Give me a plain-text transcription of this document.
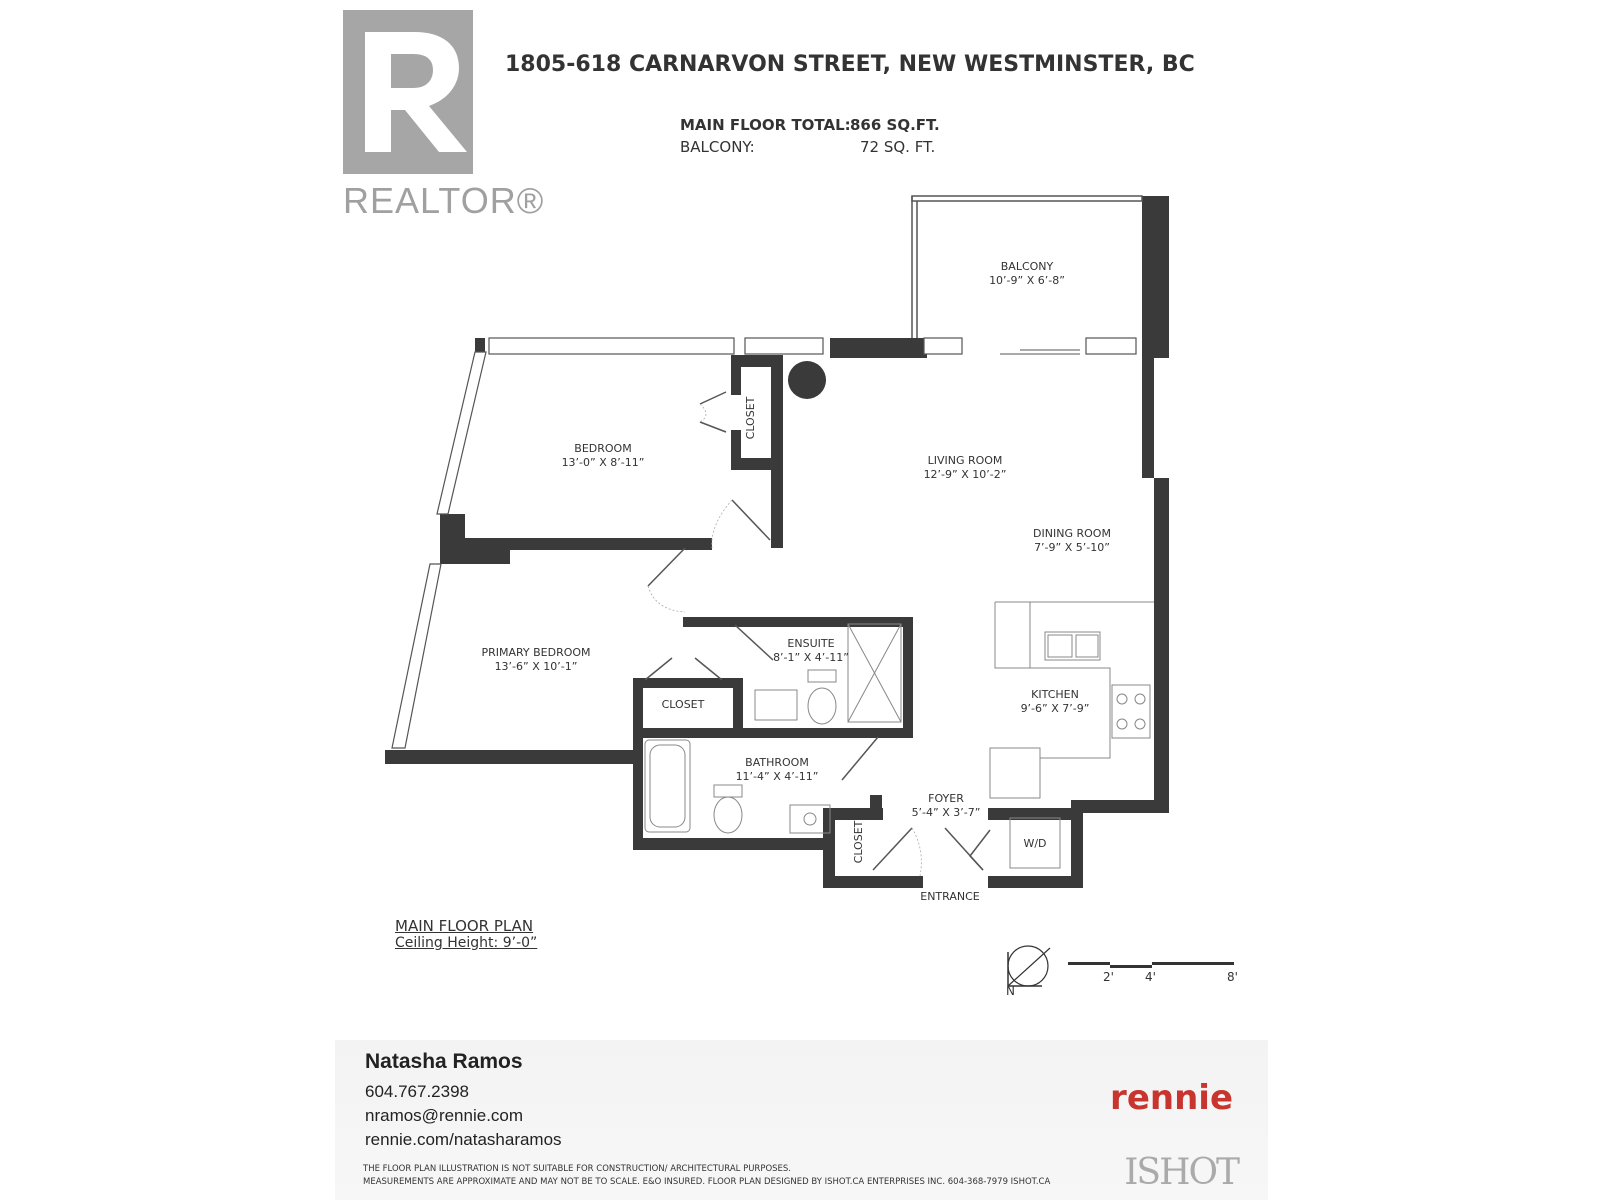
REALTOR®
1805-618 CARNARVON STREET, NEW WESTMINSTER, BC
MAIN FLOOR TOTAL: 866 SQ.FT.
BALCONY:	72 SQ. FT.
BALCONY
10’-9” X 6’-8”
BEDROOM
13’-0” X 8’-11”	LIVING ROOM
12’-9” X 10’-2”
DINING ROOM
7’-9” X 5’-10”
PRIMARY BEDROOM
13’-6” X 10’-1”
ENSUITE
8’-1” X 4’-11”
KITCHEN
9’-6” X 7’-9”
BATHROOM
11’-4” X 4’-11”
FOYER
5’-4” X 3’-7”
CLOSET
W/D
ENTRANCE
CLOSET
CLOSET
N
2'	4'	8'
MAIN FLOOR PLAN
Ceiling Height: 9’-0”
Natasha Ramos
604.767.2398
nramos@rennie.com
rennie.com/natasharamos
rennie
THE FLOOR PLAN ILLUSTRATION IS NOT SUITABLE FOR CONSTRUCTION/ ARCHITECTURAL PURPOSES.
MEASUREMENTS ARE APPROXIMATE AND MAY NOT BE TO SCALE. E&O INSURED. FLOOR PLAN DESIGNED BY ISHOT.CA ENTERPRISES INC. 604-368-7979 ISHOT.CA ISHOT
